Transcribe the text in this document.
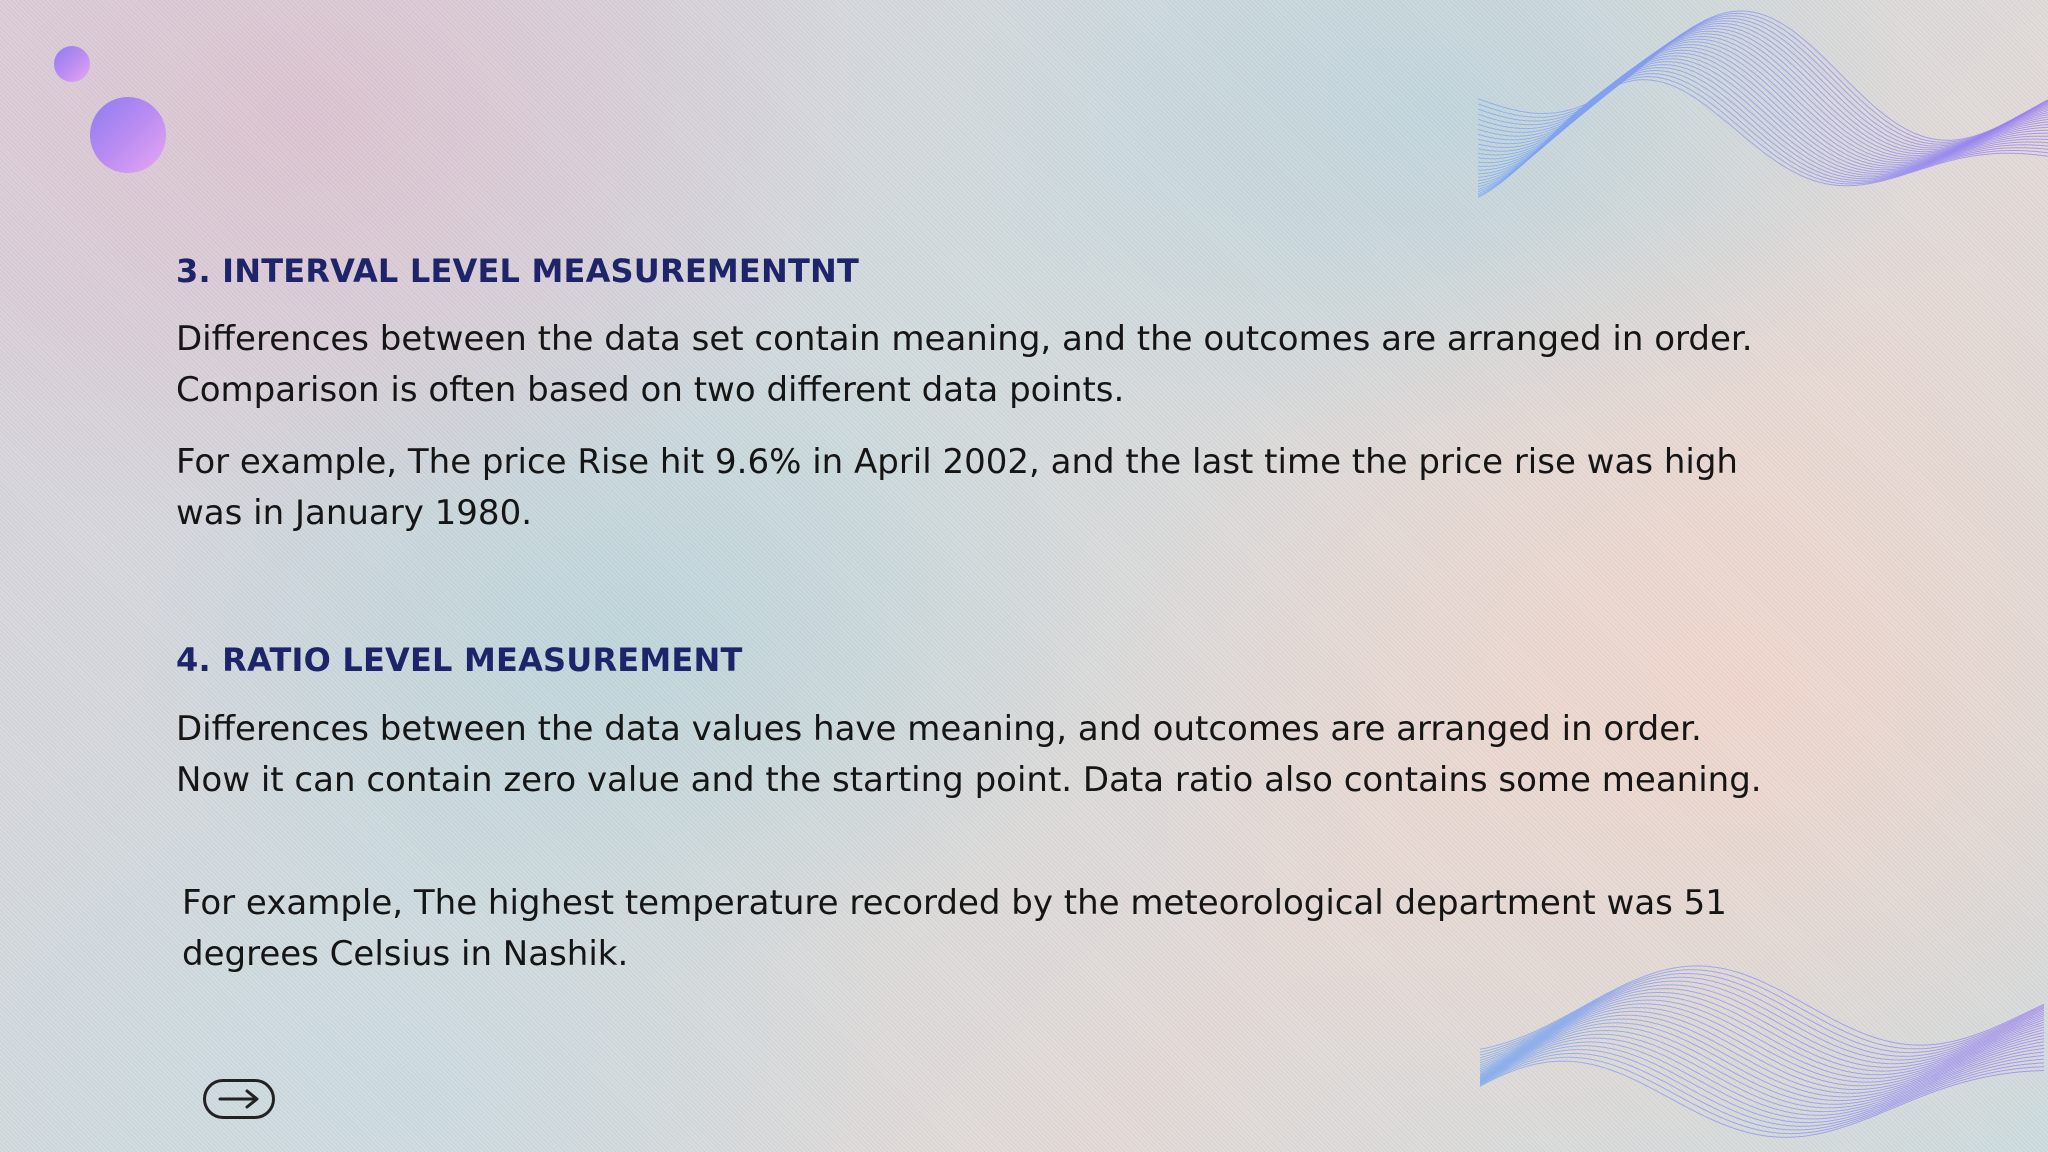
3. INTERVAL LEVEL MEASUREMENTNT

Differences between the data set contain meaning, and the outcomes are arranged in order. Comparison is often based on two different data points.

For example, The price Rise hit 9.6% in April 2002, and the last time the price rise was high was in January 1980.

4. RATIO LEVEL MEASUREMENT

Differences between the data values have meaning, and outcomes are arranged in order. Now it can contain zero value and the starting point. Data ratio also contains some meaning.

For example, The highest temperature recorded by the meteorological department was 51 degrees Celsius in Nashik.
